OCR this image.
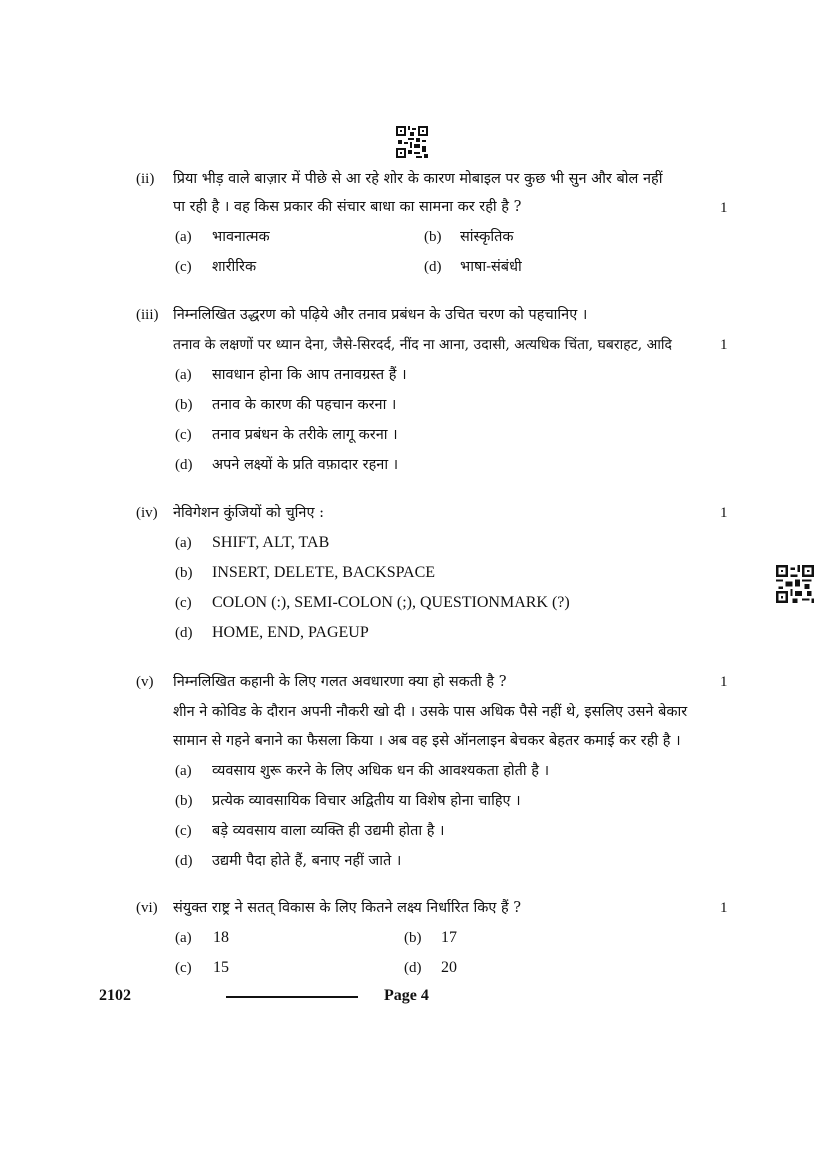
(ii) प्रिया भीड़ वाले बाज़ार में पीछे से आ रहे शोर के कारण मोबाइल पर कुछ भी सुन और बोल नहीं
पा रही है । वह किस प्रकार की संचार बाधा का सामना कर रही है ?	1
(a) भावनात्मक	(b) सांस्कृतिक
(c) शारीरिक	(d) भाषा-संबंधी
(iii) निम्नलिखित उद्धरण को पढ़िये और तनाव प्रबंधन के उचित चरण को पहचानिए ।
तनाव के लक्षणों पर ध्यान देना, जैसे-सिरदर्द, नींद ना आना, उदासी, अत्यधिक चिंता, घबराहट, आदि	1
(a) सावधान होना कि आप तनावग्रस्त हैं ।
(b) तनाव के कारण की पहचान करना ।
(c) तनाव प्रबंधन के तरीके लागू करना ।
(d) अपने लक्ष्यों के प्रति वफ़ादार रहना ।
(iv) नेविगेशन कुंजियों को चुनिए :	1
(a) SHIFT, ALT, TAB
(b) INSERT, DELETE, BACKSPACE
(c) COLON (:), SEMI-COLON (;), QUESTIONMARK (?)
(d) HOME, END, PAGEUP
(v) निम्नलिखित कहानी के लिए गलत अवधारणा क्या हो सकती है ?	1
शीन ने कोविड के दौरान अपनी नौकरी खो दी । उसके पास अधिक पैसे नहीं थे, इसलिए उसने बेकार
सामान से गहने बनाने का फैसला किया । अब वह इसे ऑनलाइन बेचकर बेहतर कमाई कर रही है ।
(a) व्यवसाय शुरू करने के लिए अधिक धन की आवश्यकता होती है ।
(b) प्रत्येक व्यावसायिक विचार अद्वितीय या विशेष होना चाहिए ।
(c) बड़े व्यवसाय वाला व्यक्ति ही उद्यमी होता है ।
(d) उद्यमी पैदा होते हैं, बनाए नहीं जाते ।
(vi) संयुक्त राष्ट्र ने सतत् विकास के लिए कितने लक्ष्य निर्धारित किए हैं ?	1
(a) 18	(b) 17
(c) 15	(d) 20
2102	Page 4
